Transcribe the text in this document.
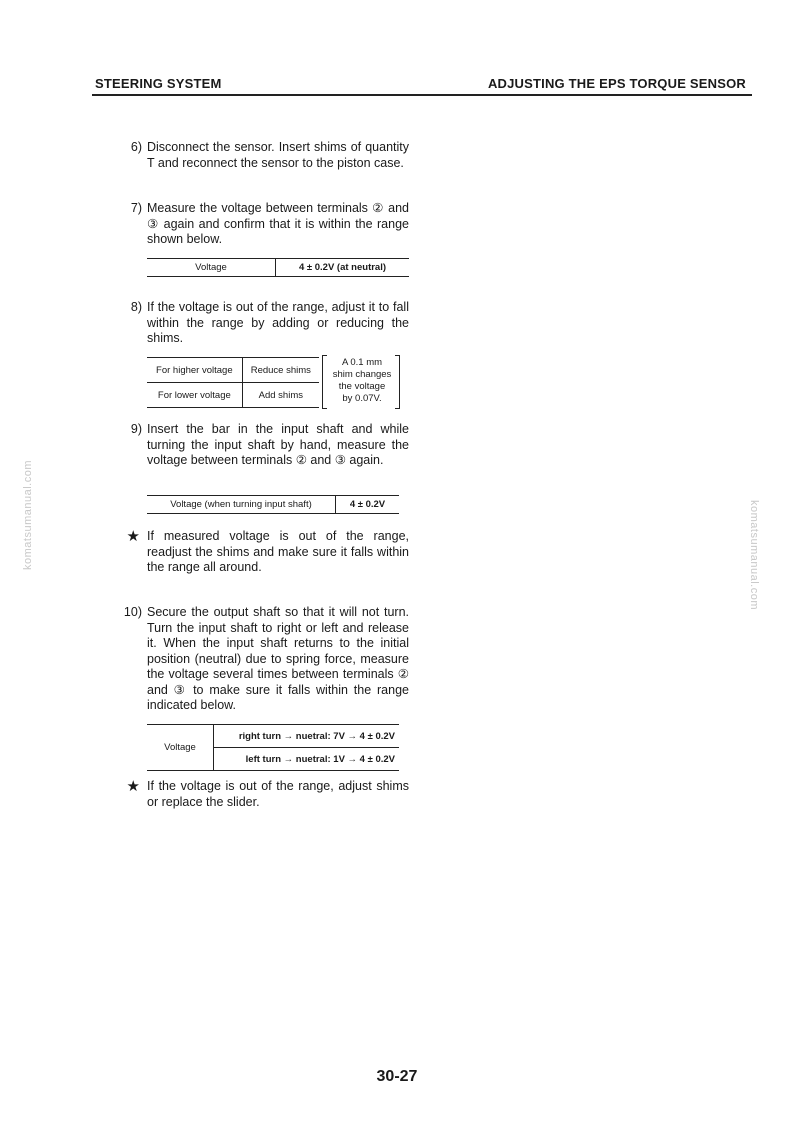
STEERING SYSTEM	ADJUSTING THE EPS TORQUE SENSOR
6) Disconnect the sensor. Insert shims of quantity T and reconnect the sensor to the piston case.
7) Measure the voltage between terminals ② and ③ again and confirm that it is within the range shown below.
Voltage	4 ± 0.2V (at neutral)
8) If the voltage is out of the range, adjust it to fall within the range by adding or reducing the shims.
For higher voltage	Reduce shims
For lower voltage	Add shims
A 0.1 mm
shim changes
the voltage
by 0.07V.
9) Insert the bar in the input shaft and while turning the input shaft by hand, measure the voltage between terminals ② and ③ again.
Voltage (when turning input shaft)	4 ± 0.2V
★ If measured voltage is out of the range, readjust the shims and make sure it falls within the range all around.
10) Secure the output shaft so that it will not turn. Turn the input shaft to right or left and release it. When the input shaft returns to the initial position (neutral) due to spring force, measure the voltage several times between terminals ② and ③ to make sure it falls within the range indicated below.
Voltage	right turn → nuetral: 7V → 4 ± 0.2V
left turn → nuetral: 1V → 4 ± 0.2V
★ If the voltage is out of the range, adjust shims or replace the slider.
komatsumanual.com	komatsumanual.com
30-27
